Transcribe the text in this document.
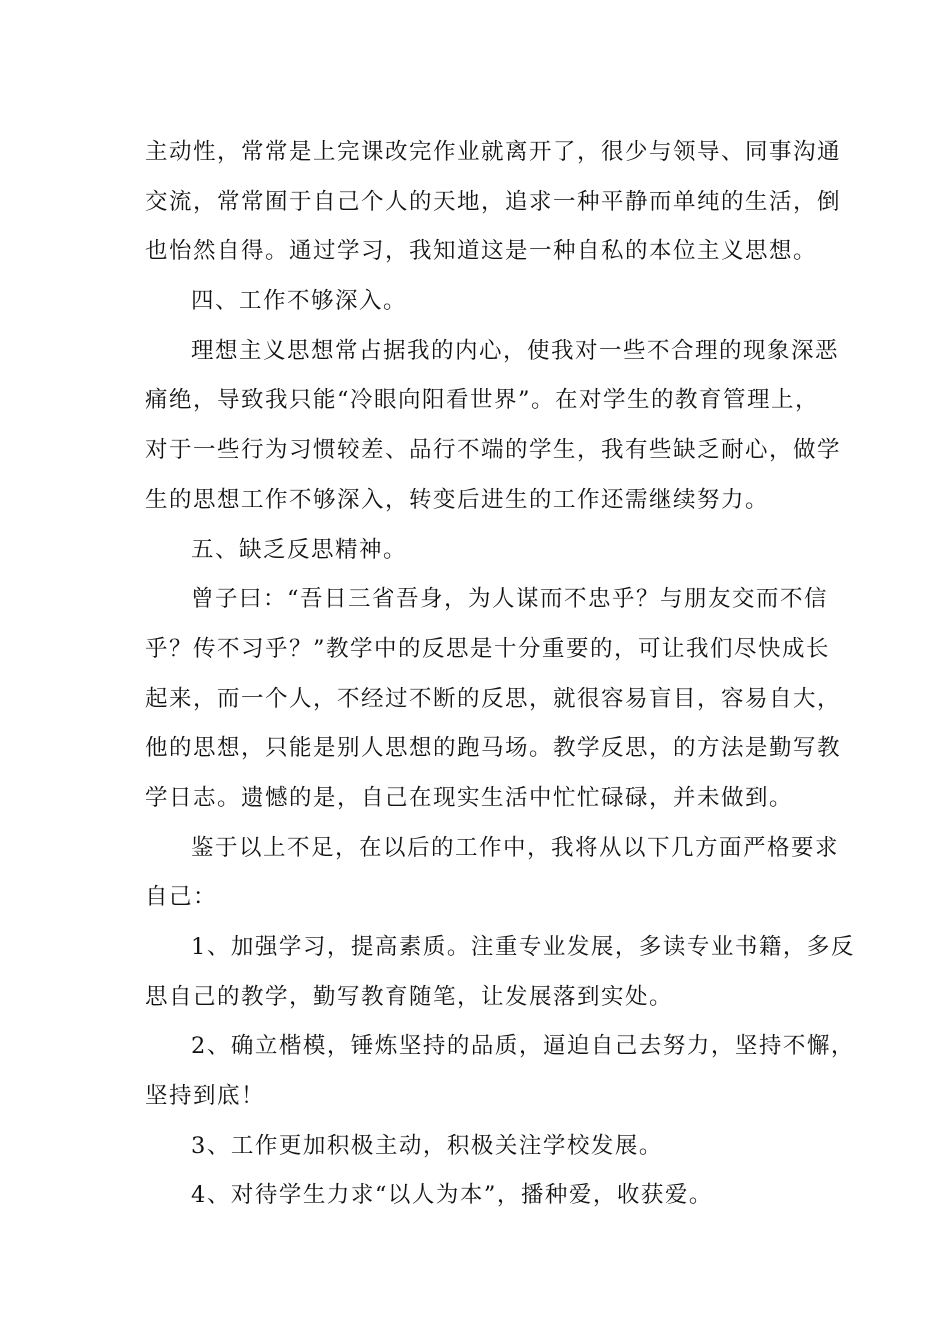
主动性，常常是上完课改完作业就离开了，很少与领导、同事沟通
交流，常常囿于自己个人的天地，追求一种平静而单纯的生活，倒
也怡然自得。通过学习，我知道这是一种自私的本位主义思想。
四、工作不够深入。
理想主义思想常占据我的内心，使我对一些不合理的现象深恶
痛绝，导致我只能“冷眼向阳看世界”。在对学生的教育管理上，
对于一些行为习惯较差、品行不端的学生，我有些缺乏耐心，做学
生的思想工作不够深入，转变后进生的工作还需继续努力。
五、缺乏反思精神。
曾子曰：“吾日三省吾身，为人谋而不忠乎？与朋友交而不信
乎？传不习乎？”教学中的反思是十分重要的，可让我们尽快成长
起来，而一个人，不经过不断的反思，就很容易盲目，容易自大，
他的思想，只能是别人思想的跑马场。教学反思，的方法是勤写教
学日志。遗憾的是，自己在现实生活中忙忙碌碌，并未做到。
鉴于以上不足，在以后的工作中，我将从以下几方面严格要求
自己：
1、加强学习，提高素质。注重专业发展，多读专业书籍，多反
思自己的教学，勤写教育随笔，让发展落到实处。
2、确立楷模，锤炼坚持的品质，逼迫自己去努力，坚持不懈，
坚持到底！
3、工作更加积极主动，积极关注学校发展。
4、对待学生力求“以人为本”，播种爱，收获爱。
